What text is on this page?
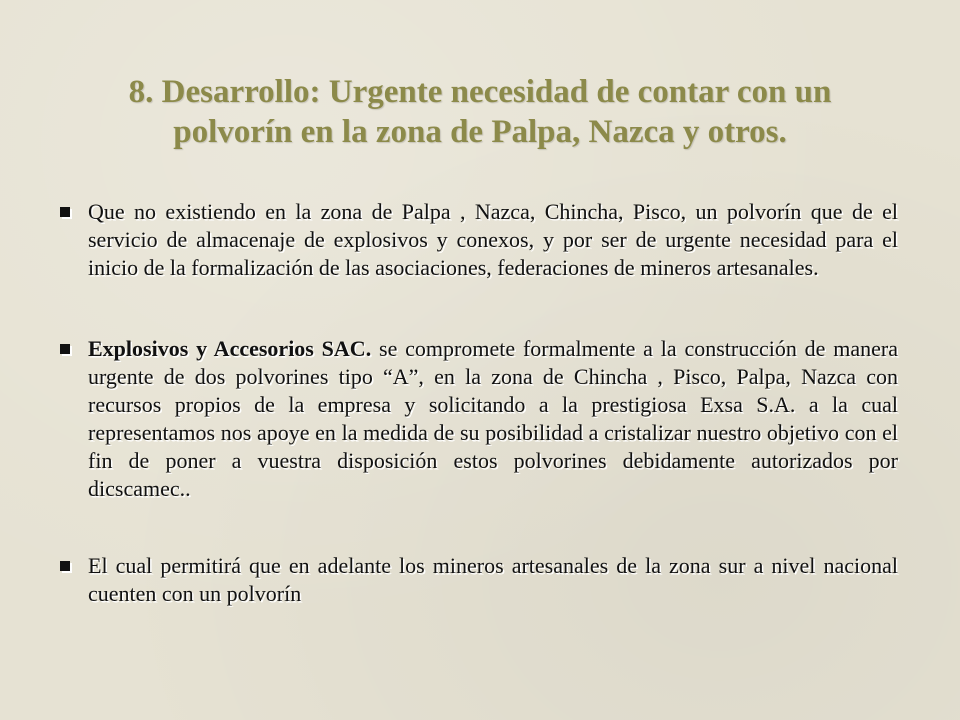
8. Desarrollo: Urgente necesidad de contar con un
polvorín en la zona de Palpa, Nazca y otros.
Que no existiendo en la zona de Palpa , Nazca, Chincha, Pisco, un polvorín que de el servicio de almacenaje de explosivos y conexos, y por ser de urgente necesidad para el inicio de la formalización de las asociaciones, federaciones de mineros artesanales.
Explosivos y Accesorios SAC. se compromete formalmente a la construcción de manera urgente de dos polvorines tipo “A”, en la zona de Chincha , Pisco, Palpa, Nazca con recursos propios de la empresa y solicitando a la prestigiosa Exsa S.A. a la cual representamos nos apoye en la medida de su posibilidad a cristalizar nuestro objetivo con el fin de poner a vuestra disposición estos polvorines debidamente autorizados por dicscamec..
El cual permitirá que en adelante los mineros artesanales de la zona sur a nivel nacional cuenten con un polvorín
